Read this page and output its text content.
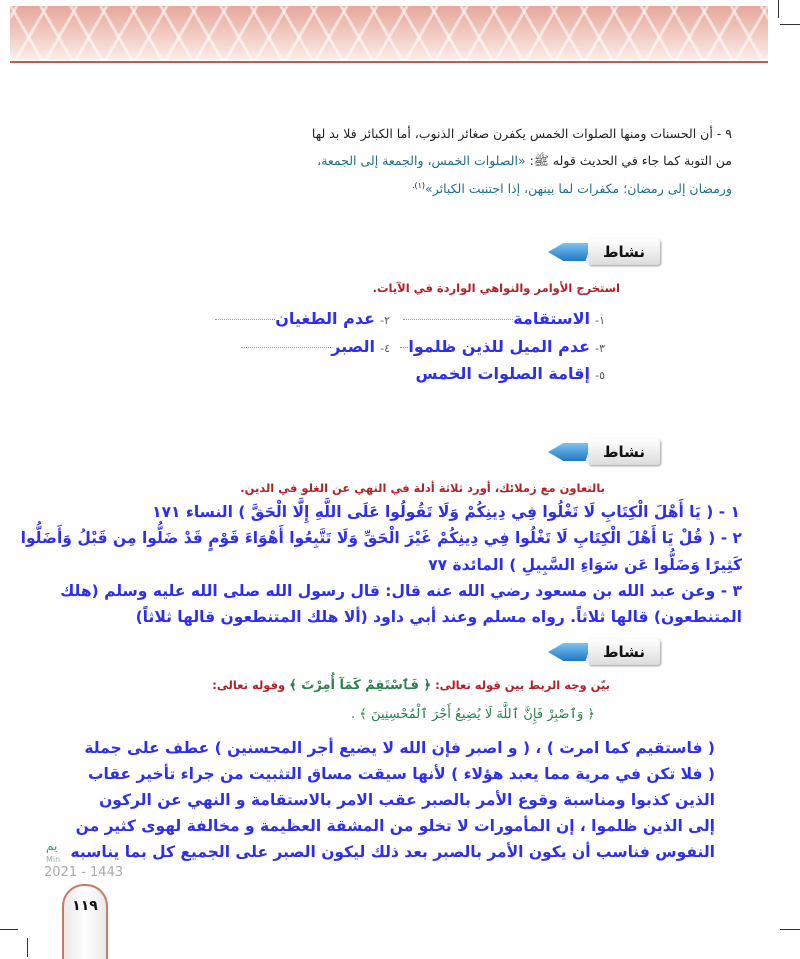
٩ - أن الحسنات ومنها الصلوات الخمس يكفرن صغائر الذنوب، أما الكبائر فلا بد لها
من التوبة كما جاء في الحديث قوله ﷺ: «الصلوات الخمس، والجمعة إلى الجمعة،
ورمضان إلى رمضان؛ مكفرات لما بينهن، إذا اجتنبت الكبائر»$^{(١).}$
نشاط
استخرج الأوامر والنواهي الواردة في الآيات.
١- الاستقامة
٢- عدم الطغيان
٣- عدم الميل للذين ظلموا
٤- الصبر
٥- إقامة الصلوات الخمس
نشاط
بالتعاون مع زملائك، أورد ثلاثة أدلة في النهي عن الغلو في الدين.
١ - ( يَا أَهْلَ الْكِتَابِ لَا تَغْلُوا فِي دِينِكُمْ وَلَا تَقُولُوا عَلَى اللَّهِ إِلَّا الْحَقَّ ) النساء ١٧١
٢ - ( قُلْ يَا أَهْلَ الْكِتَابِ لَا تَغْلُوا فِي دِينِكُمْ غَيْرَ الْحَقِّ وَلَا تَتَّبِعُوا أَهْوَاءَ قَوْمٍ قَدْ ضَلُّوا مِن قَبْلُ وَأَضَلُّوا
كَثِيرًا وَضَلُّوا عَن سَوَاءِ السَّبِيلِ ) المائدة ٧٧
٣ - وعن عبد الله بن مسعود رضي الله عنه قال: قال رسول الله صلى الله عليه وسلم (هلك
المتنطعون) قالها ثلاثاً. رواه مسلم وعند أبي داود (ألا هلك المتنطعون قالها ثلاثاً)
نشاط
بيّن وجه الربط بين قوله تعالى: ﴿ فَٱسْتَقِمْ كَمَآ أُمِرْتَ ﴾ وقوله تعالى:
﴿ وَٱصْبِرْ فَإِنَّ ٱللَّهَ لَا يُضِيعُ أَجْرَ ٱلْمُحْسِنِينَ ﴾ .
( فاستقيم كما امرت ) ، ( و اصبر فإن الله لا يضيع أجر المحسنين ) عطف على جملة
( فلا تكن في مرية مما يعبد هؤلاء ) لأنها سيقت مساق التثبيت من جراء تأخير عقاب
الذين كذبوا ومناسبة وقوع الأمر بالصبر عقب الامر بالاستقامة و النهي عن الركون
إلى الذين ظلموا ، إن المأمورات لا تخلو من المشقة العظيمة و مخالفة لهوى كثير من
النفوس فناسب أن يكون الأمر بالصبر بعد ذلك ليكون الصبر على الجميع كل بما يناسبه
يم
Min
2021 - 1443
١١٩
